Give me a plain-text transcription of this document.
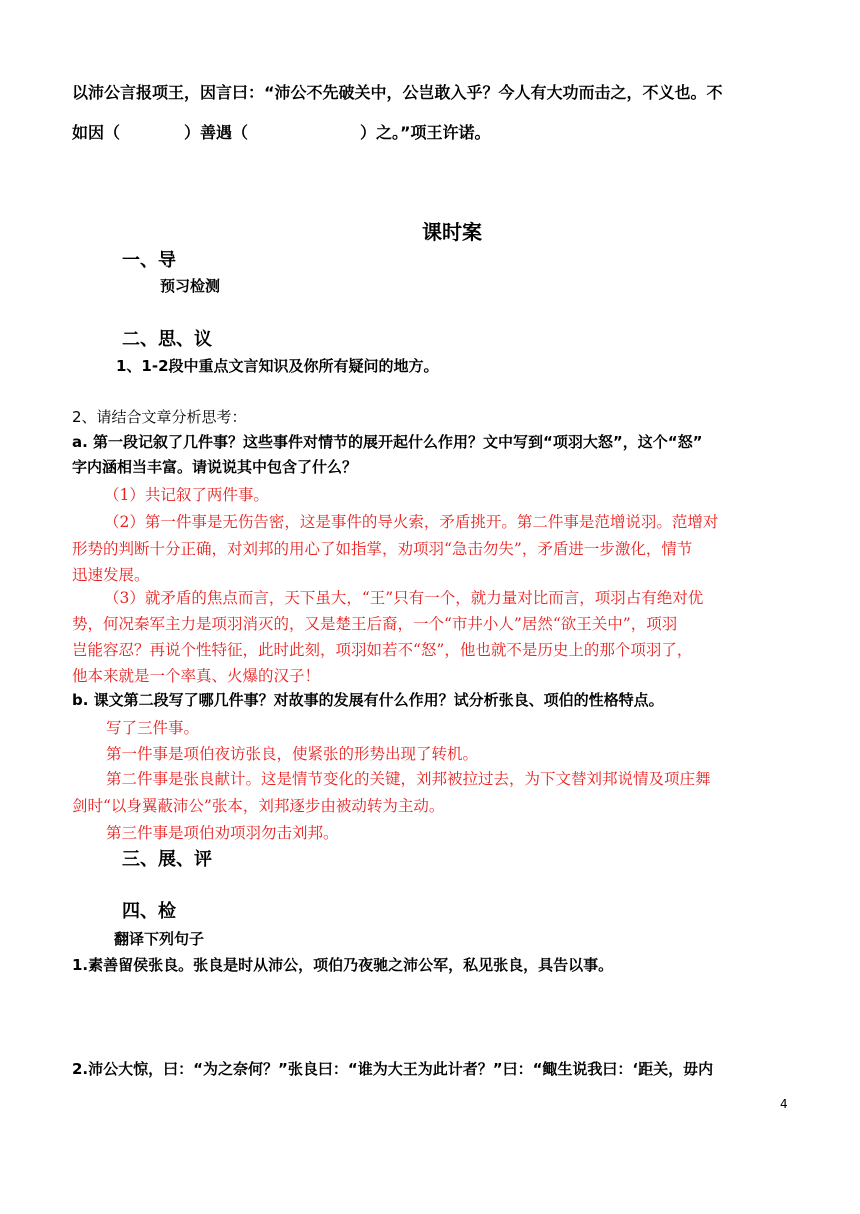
以沛公言报项王，因言曰：“沛公不先破关中，公岂敢入乎？今人有大功而击之，不义也。不
如因（　　　　）善遇（　　　　　　　）之。”项王许诺。
课时案
一、导
预习检测
二、思、议
1、1-2段中重点文言知识及你所有疑问的地方。
2、请结合文章分析思考：
a. 第一段记叙了几件事？这些事件对情节的展开起什么作用？文中写到“项羽大怒”，这个“怒”
字内涵相当丰富。请说说其中包含了什么？
（1）共记叙了两件事。
（2）第一件事是无伤告密，这是事件的导火索，矛盾挑开。第二件事是范增说羽。范增对
形势的判断十分正确，对刘邦的用心了如指掌，劝项羽“急击勿失”，矛盾进一步激化，情节
迅速发展。
（3）就矛盾的焦点而言，天下虽大，“王”只有一个，就力量对比而言，项羽占有绝对优
势，何况秦军主力是项羽消灭的，又是楚王后裔，一个“市井小人”居然“欲王关中”，项羽
岂能容忍？再说个性特征，此时此刻，项羽如若不“怒”，他也就不是历史上的那个项羽了，
他本来就是一个率真、火爆的汉子！
b. 课文第二段写了哪几件事？对故事的发展有什么作用？试分析张良、项伯的性格特点。
写了三件事。
第一件事是项伯夜访张良，使紧张的形势出现了转机。
第二件事是张良献计。这是情节变化的关键，刘邦被拉过去，为下文替刘邦说情及项庄舞
剑时“以身翼蔽沛公”张本，刘邦逐步由被动转为主动。
第三件事是项伯劝项羽勿击刘邦。
三、展、评
四、检
翻译下列句子
1.素善留侯张良。张良是时从沛公，项伯乃夜驰之沛公军，私见张良，具告以事。
2.沛公大惊，曰：“为之奈何？”张良曰：“谁为大王为此计者？”曰：“鲰生说我曰：‘距关，毋内
4
